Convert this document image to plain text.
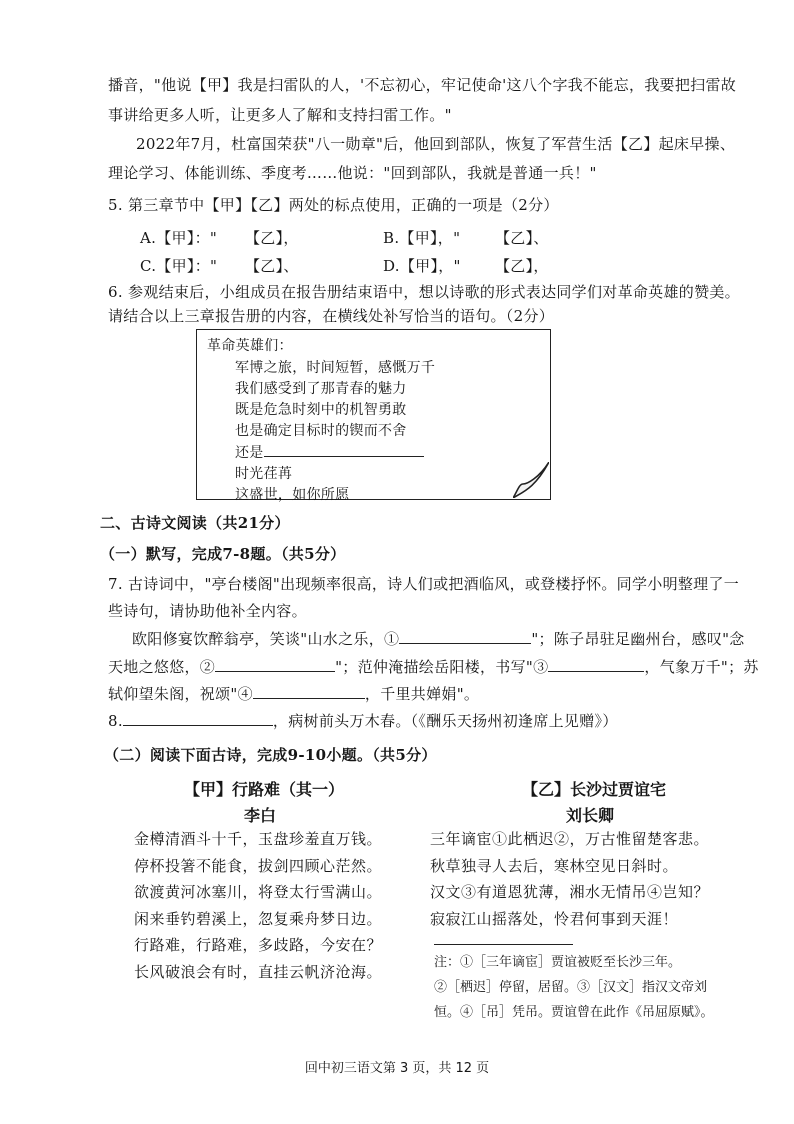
播音，"他说【甲】我是扫雷队的人，'不忘初心，牢记使命'这八个字我不能忘，我要把扫雷故
事讲给更多人听，让更多人了解和支持扫雷工作。"
2022年7月，杜富国荣获"八一勋章"后，他回到部队，恢复了军营生活【乙】起床早操、
理论学习、体能训练、季度考……他说："回到部队，我就是普通一兵！"
5. 第三章节中【甲】【乙】两处的标点使用，正确的一项是（2分）
A.【甲】：" 【乙】，	B.【甲】，" 【乙】、
C.【甲】：" 【乙】、	D.【甲】，" 【乙】，
6. 参观结束后，小组成员在报告册结束语中，想以诗歌的形式表达同学们对革命英雄的赞美。
请结合以上三章报告册的内容，在横线处补写恰当的语句。（2分）
革命英雄们：
军博之旅，时间短暂，感慨万千
我们感受到了那青春的魅力
既是危急时刻中的机智勇敢
也是确定目标时的锲而不舍
还是
时光荏苒
这盛世，如你所愿
二、古诗文阅读（共21分）
（一）默写，完成7-8题。（共5分）
7. 古诗词中，"亭台楼阁"出现频率很高，诗人们或把酒临风，或登楼抒怀。同学小明整理了一
些诗句，请协助他补全内容。
欧阳修宴饮醉翁亭，笑谈"山水之乐，①	"；陈子昂驻足幽州台，感叹"念
天地之悠悠，②	"；范仲淹描绘岳阳楼，书写"③	，气象万千"；苏
轼仰望朱阁，祝颂"④	，千里共婵娟"。
8.	，病树前头万木春。（《酬乐天扬州初逢席上见赠》）
（二）阅读下面古诗，完成9-10小题。（共5分）
【甲】行路难（其一）
李白
金樽清酒斗十千，玉盘珍羞直万钱。
停杯投箸不能食，拔剑四顾心茫然。
欲渡黄河冰塞川，将登太行雪满山。
闲来垂钓碧溪上，忽复乘舟梦日边。
行路难，行路难，多歧路，今安在？
长风破浪会有时，直挂云帆济沧海。
【乙】长沙过贾谊宅
刘长卿
三年谪宦①此栖迟②，万古惟留楚客悲。
秋草独寻人去后，寒林空见日斜时。
汉文③有道恩犹薄，湘水无情吊④岂知？
寂寂江山摇落处，怜君何事到天涯！
注：①［三年谪宦］贾谊被贬至长沙三年。
②［栖迟］停留，居留。③［汉文］指汉文帝刘
恒。④［吊］凭吊。贾谊曾在此作《吊屈原赋》。
回中初三语文第 3 页，共 12 页
